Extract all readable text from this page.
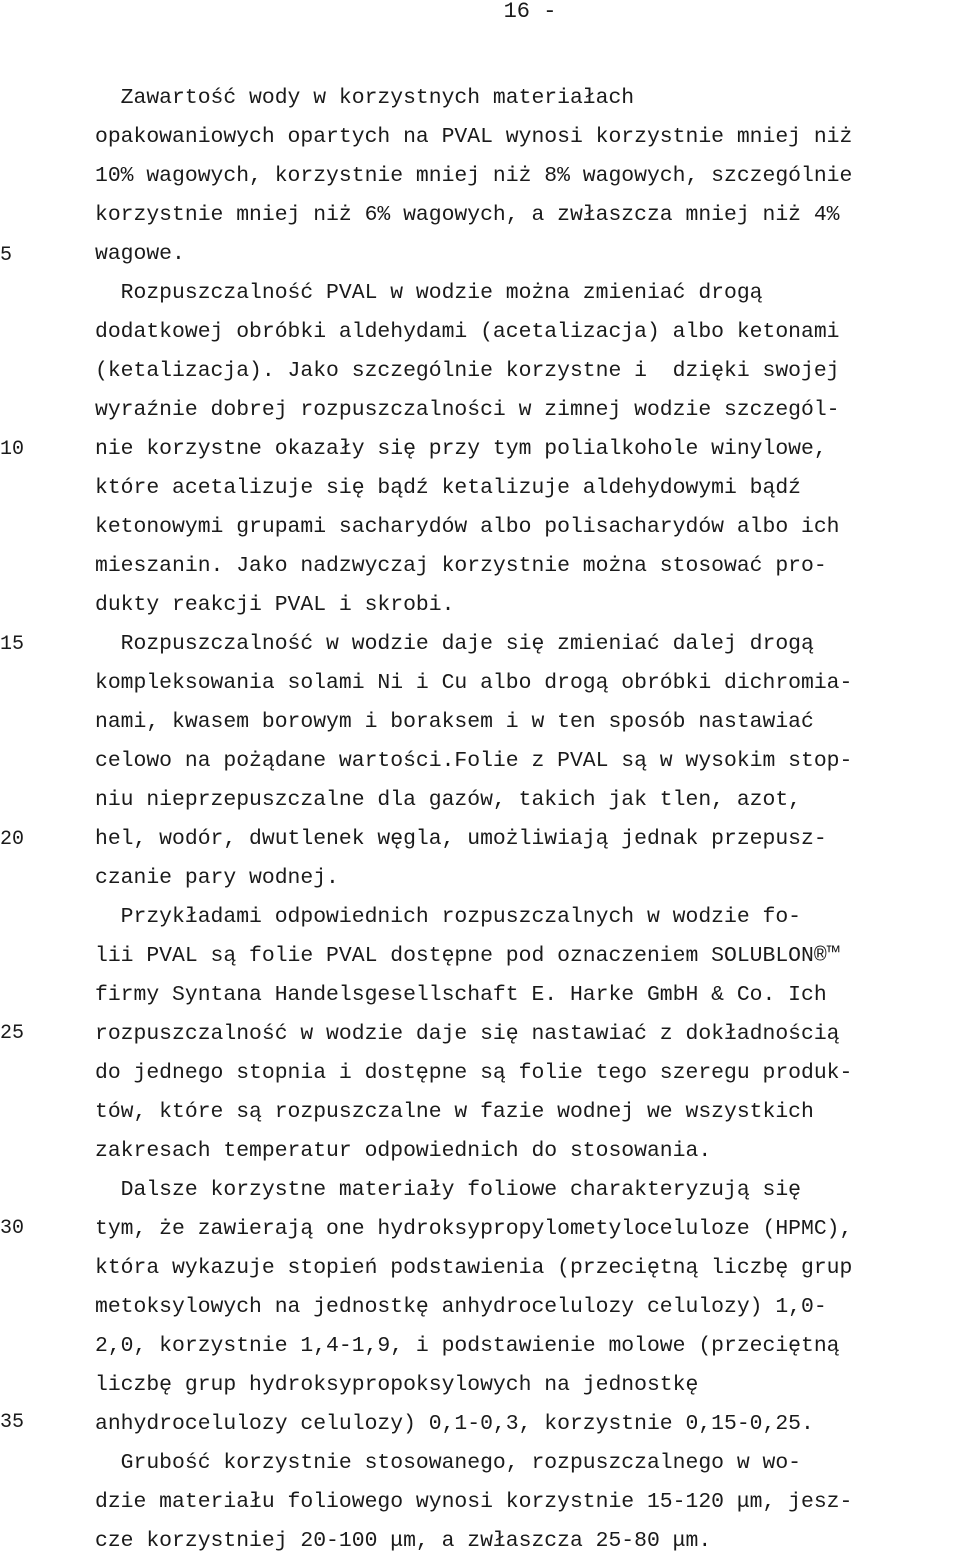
16 -
5
10
15
20
25
30
35
Zawartość wody w korzystnych materiałach
opakowaniowych opartych na PVAL wynosi korzystnie mniej niż
10% wagowych, korzystnie mniej niż 8% wagowych, szczególnie
korzystnie mniej niż 6% wagowych, a zwłaszcza mniej niż 4%
wagowe.
Rozpuszczalność PVAL w wodzie można zmieniać drogą
dodatkowej obróbki aldehydami (acetalizacja) albo ketonami
(ketalizacja). Jako szczególnie korzystne i  dzięki swojej
wyraźnie dobrej rozpuszczalności w zimnej wodzie szczegól-
nie korzystne okazały się przy tym polialkohole winylowe,
które acetalizuje się bądź ketalizuje aldehydowymi bądź
ketonowymi grupami sacharydów albo polisacharydów albo ich
mieszanin. Jako nadzwyczaj korzystnie można stosować pro-
dukty reakcji PVAL i skrobi.
Rozpuszczalność w wodzie daje się zmieniać dalej drogą
kompleksowania solami Ni i Cu albo drogą obróbki dichromia-
nami, kwasem borowym i boraksem i w ten sposób nastawiać
celowo na pożądane wartości.Folie z PVAL są w wysokim stop-
niu nieprzepuszczalne dla gazów, takich jak tlen, azot,
hel, wodór, dwutlenek węgla, umożliwiają jednak przepusz-
czanie pary wodnej.
Przykładami odpowiednich rozpuszczalnych w wodzie fo-
lii PVAL są folie PVAL dostępne pod oznaczeniem SOLUBLON®™
firmy Syntana Handelsgesellschaft E. Harke GmbH & Co. Ich
rozpuszczalność w wodzie daje się nastawiać z dokładnością
do jednego stopnia i dostępne są folie tego szeregu produk-
tów, które są rozpuszczalne w fazie wodnej we wszystkich
zakresach temperatur odpowiednich do stosowania.
Dalsze korzystne materiały foliowe charakteryzują się
tym, że zawierają one hydroksypropylometyloceluloze (HPMC),
która wykazuje stopień podstawienia (przeciętną liczbę grup
metoksylowych na jednostkę anhydrocelulozy celulozy) 1,0-
2,0, korzystnie 1,4-1,9, i podstawienie molowe (przeciętną
liczbę grup hydroksypropoksylowych na jednostkę
anhydrocelulozy celulozy) 0,1-0,3, korzystnie 0,15-0,25.
Grubość korzystnie stosowanego, rozpuszczalnego w wo-
dzie materiału foliowego wynosi korzystnie 15-120 μm, jesz-
cze korzystniej 20-100 μm, a zwłaszcza 25-80 μm.
